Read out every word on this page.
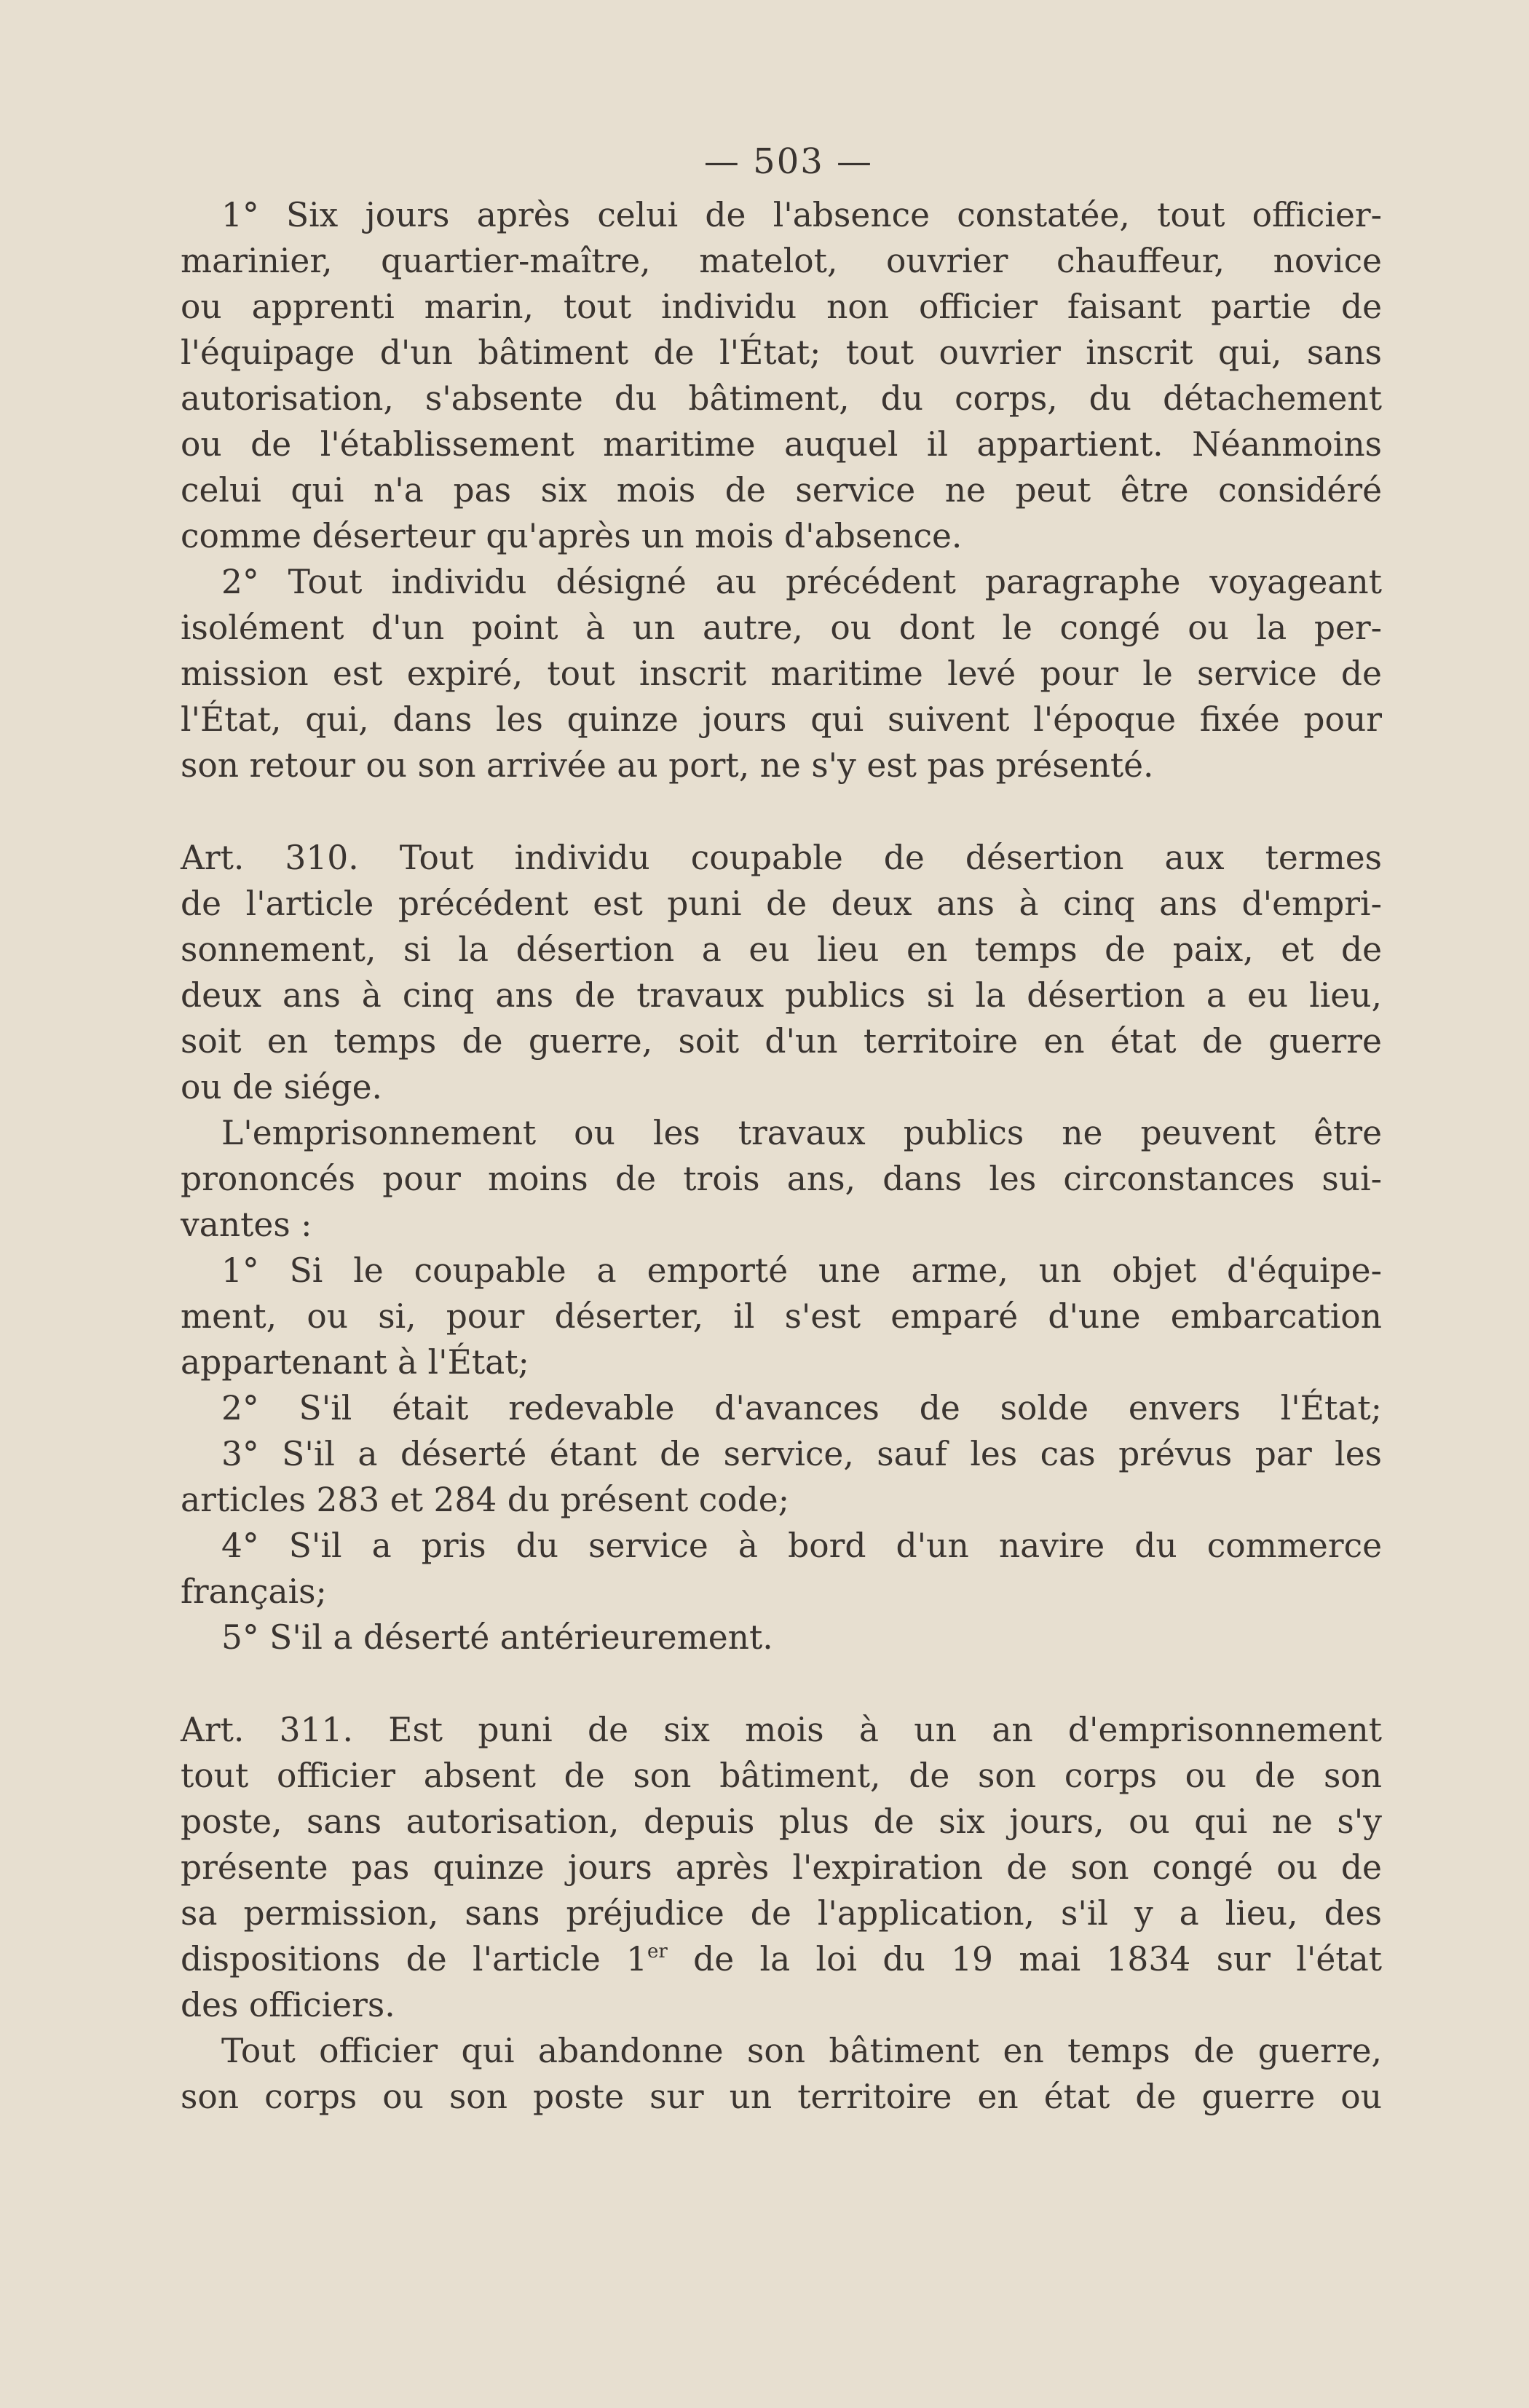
— 503 —
1° Six jours après celui de l'absence constatée, tout officier-
marinier, quartier-maître, matelot, ouvrier chauffeur, novice
ou apprenti marin, tout individu non officier faisant partie de
l'équipage d'un bâtiment de l'État; tout ouvrier inscrit qui, sans
autorisation, s'absente du bâtiment, du corps, du détachement
ou de l'établissement maritime auquel il appartient. Néanmoins
celui qui n'a pas six mois de service ne peut être considéré
comme déserteur qu'après un mois d'absence.
2° Tout individu désigné au précédent paragraphe voyageant
isolément d'un point à un autre, ou dont le congé ou la per-
mission est expiré, tout inscrit maritime levé pour le service de
l'État, qui, dans les quinze jours qui suivent l'époque fixée pour
son retour ou son arrivée au port, ne s'y est pas présenté.
Art. 310. Tout individu coupable de désertion aux termes
de l'article précédent est puni de deux ans à cinq ans d'empri-
sonnement, si la désertion a eu lieu en temps de paix, et de
deux ans à cinq ans de travaux publics si la désertion a eu lieu,
soit en temps de guerre, soit d'un territoire en état de guerre
ou de siége.
L'emprisonnement ou les travaux publics ne peuvent être
prononcés pour moins de trois ans, dans les circonstances sui-
vantes :
1° Si le coupable a emporté une arme, un objet d'équipe-
ment, ou si, pour déserter, il s'est emparé d'une embarcation
appartenant à l'État;
2° S'il était redevable d'avances de solde envers l'État;
3° S'il a déserté étant de service, sauf les cas prévus par les
articles 283 et 284 du présent code;
4° S'il a pris du service à bord d'un navire du commerce
français;
5° S'il a déserté antérieurement.
Art. 311. Est puni de six mois à un an d'emprisonnement
tout officier absent de son bâtiment, de son corps ou de son
poste, sans autorisation, depuis plus de six jours, ou qui ne s'y
présente pas quinze jours après l'expiration de son congé ou de
sa permission, sans préjudice de l'application, s'il y a lieu, des
dispositions de l'article 1er de la loi du 19 mai 1834 sur l'état
des officiers.
Tout officier qui abandonne son bâtiment en temps de guerre,
son corps ou son poste sur un territoire en état de guerre ou
